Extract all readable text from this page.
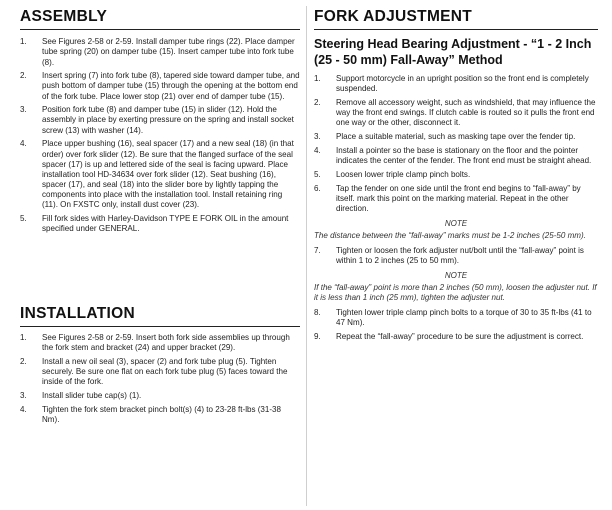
ASSEMBLY
1.	See Figures 2-58 or 2-59. Install damper tube rings (22). Place damper tube spring (20) on damper tube (15). Insert camper tube into fork tube (8).
2.	Insert spring (7) into fork tube (8), tapered side toward damper tube, and push bottom of damper tube (15) through the opening at the bottom end of the fork tube. Place lower stop (21) over end of damper tube (15).
3.	Position fork tube (8) and damper tube (15) in slider (12). Hold the assembly in place by exerting pressure on the spring and install socket screw (13) with washer (14).
4.	Place upper bushing (16), seal spacer (17) and a new seal (18) (in that order) over fork slider (12). Be sure that the flanged surface of the seal spacer (17) is up and lettered side of the seal is facing upward. Place installation tool HD-34634 over fork slider (12). Seat bushing (16), spacer (17), and seal (18) into the slider bore by lightly tapping the components into place with the installation tool. Install retaining ring (11). On FXSTC only, install dust cover (23).
5.	Fill fork sides with Harley-Davidson TYPE E FORK OIL in the amount specified under GENERAL.
INSTALLATION
1.	See Figures 2-58 or 2-59. Insert both fork side assemblies up through the fork stem and bracket (24) and upper bracket (29).
2.	Install a new oil seal (3), spacer (2) and fork tube plug (5). Tighten securely. Be sure one flat on each fork tube plug (5) faces toward the inside of the fork.
3.	Install slider tube cap(s) (1).
4.	Tighten the fork stem bracket pinch bolt(s) (4) to 23-28 ft-lbs (31-38 Nm).
FORK ADJUSTMENT
Steering Head Bearing Adjustment - “1 - 2 Inch (25 - 50 mm) Fall-Away” Method
1.	Support motorcycle in an upright position so the front end is completely suspended.
2.	Remove all accessory weight, such as windshield, that may influence the way the front end swings. If clutch cable is routed so it pulls the front end one way or the other, disconnect it.
3.	Place a suitable material, such as masking tape over the fender tip.
4.	Install a pointer so the base is stationary on the floor and the pointer indicates the center of the fender. The front end must be straight ahead.
5.	Loosen lower triple clamp pinch bolts.
6.	Tap the fender on one side until the front end begins to “fall-away” by itself. mark this point on the marking material. Repeat in the other direction.
NOTE

The distance between the “fall-away” marks must be 1-2 inches (25-50 mm).

7.	Tighten or loosen the fork adjuster nut/bolt until the “fall-away” point is within 1 to 2 inches (25 to 50 mm).
NOTE

If the “fall-away” point is more than 2 inches (50 mm), loosen the adjuster nut. If it is less than 1 inch (25 mm), tighten the adjuster nut.

8.	Tighten lower triple clamp pinch bolts to a torque of 30 to 35 ft-lbs (41 to 47 Nm).
9.	Repeat the “fall-away” procedure to be sure the adjustment is correct.
